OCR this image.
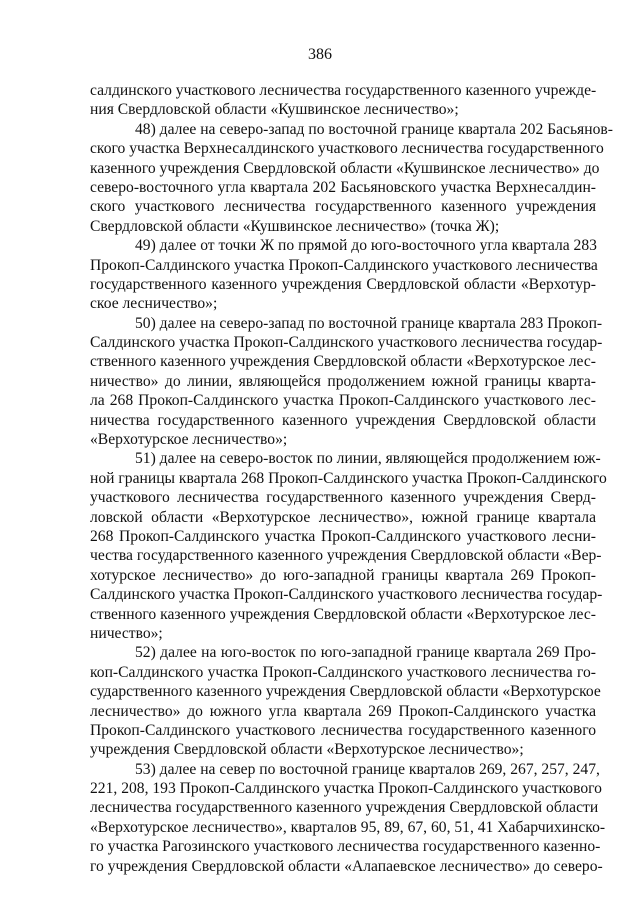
386
салдинского участкового лесничества государственного казенного учрежде-
ния Свердловской области «Кушвинское лесничество»;
48) далее на северо-запад по восточной границе квартала 202 Басьянов-
ского участка Верхнесалдинского участкового лесничества государственного
казенного учреждения Свердловской области «Кушвинское лесничество» до
северо-восточного угла квартала 202 Басьяновского участка Верхнесалдин-
ского участкового лесничества государственного казенного учреждения
Свердловской области «Кушвинское лесничество» (точка Ж);
49) далее от точки Ж по прямой до юго-восточного угла квартала 283
Прокоп-Салдинского участка Прокоп-Салдинского участкового лесничества
государственного казенного учреждения Свердловской области «Верхотур-
ское лесничество»;
50) далее на северо-запад по восточной границе квартала 283 Прокоп-
Салдинского участка Прокоп-Салдинского участкового лесничества государ-
ственного казенного учреждения Свердловской области «Верхотурское лес-
ничество» до линии, являющейся продолжением южной границы кварта-
ла 268 Прокоп-Салдинского участка Прокоп-Салдинского участкового лес-
ничества государственного казенного учреждения Свердловской области
«Верхотурское лесничество»;
51) далее на северо-восток по линии, являющейся продолжением юж-
ной границы квартала 268 Прокоп-Салдинского участка Прокоп-Салдинского
участкового лесничества государственного казенного учреждения Сверд-
ловской области «Верхотурское лесничество», южной границе квартала
268 Прокоп-Салдинского участка Прокоп-Салдинского участкового лесни-
чества государственного казенного учреждения Свердловской области «Вер-
хотурское лесничество» до юго-западной границы квартала 269 Прокоп-
Салдинского участка Прокоп-Салдинского участкового лесничества государ-
ственного казенного учреждения Свердловской области «Верхотурское лес-
ничество»;
52) далее на юго-восток по юго-западной границе квартала 269 Про-
коп-Салдинского участка Прокоп-Салдинского участкового лесничества го-
сударственного казенного учреждения Свердловской области «Верхотурское
лесничество» до южного угла квартала 269 Прокоп-Салдинского участка
Прокоп-Салдинского участкового лесничества государственного казенного
учреждения Свердловской области «Верхотурское лесничество»;
53) далее на север по восточной границе кварталов 269, 267, 257, 247,
221, 208, 193 Прокоп-Салдинского участка Прокоп-Салдинского участкового
лесничества государственного казенного учреждения Свердловской области
«Верхотурское лесничество», кварталов 95, 89, 67, 60, 51, 41 Хабарчихинско-
го участка Рагозинского участкового лесничества государственного казенно-
го учреждения Свердловской области «Алапаевское лесничество» до северо-
